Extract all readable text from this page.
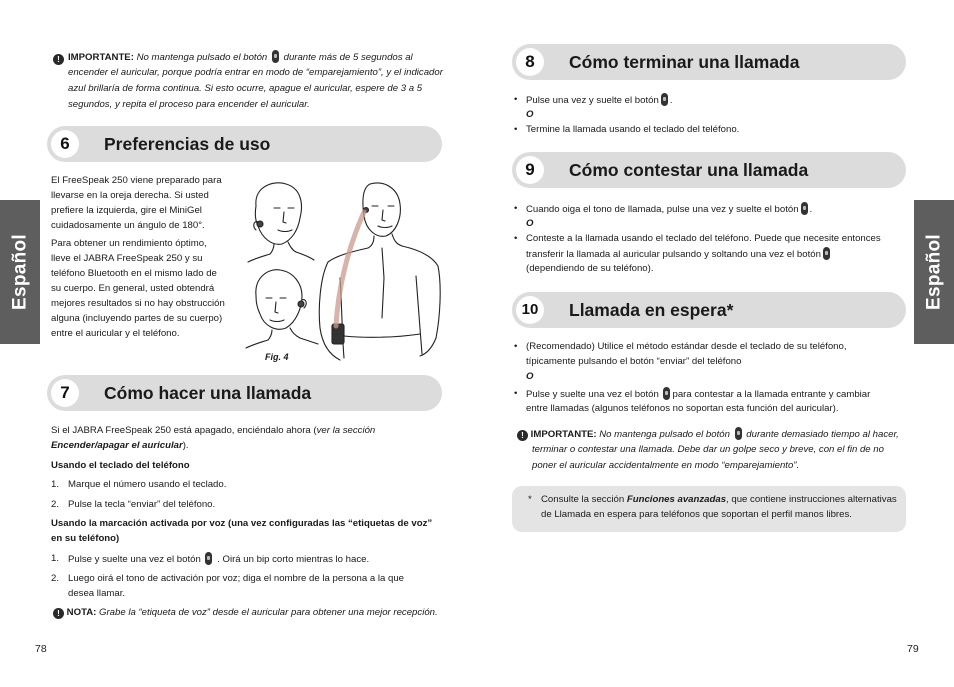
Español	Español
! IMPORTANTE: No mantenga pulsado el botón durante más de 5 segundos al
encender el auricular, porque podría entrar en modo de “emparejamiento”, y el indicador
azul brillaría de forma continua. Si esto ocurre, apague el auricular, espere de 3 a 5
segundos, y repita el proceso para encender el auricular.
6	Preferencias de uso
El FreeSpeak 250 viene preparado para
llevarse en la oreja derecha. Si usted
prefiere la izquierda, gire el MiniGel
cuidadosamente un ángulo de 180°.
Para obtener un rendimiento óptimo,
lleve el JABRA FreeSpeak 250 y su
teléfono Bluetooth en el mismo lado de
su cuerpo. En general, usted obtendrá
mejores resultados si no hay obstrucción
alguna (incluyendo partes de su cuerpo)
entre el auricular y el teléfono.
Fig. 4
7	Cómo hacer una llamada
Si el JABRA FreeSpeak 250 está apagado, enciéndalo ahora (ver la sección
Encender/apagar el auricular).
Usando el teclado del teléfono
1. Marque el número usando el teclado.
2. Pulse la tecla “enviar” del teléfono.
Usando la marcación activada por voz (una vez configuradas las “etiquetas de voz”
en su teléfono)
1. Pulse y suelte una vez el botón . Oirá un bip corto mientras lo hace.
2. Luego oirá el tono de activación por voz; diga el nombre de la persona a la que
desea llamar.
! NOTA: Grabe la “etiqueta de voz” desde el auricular para obtener una mejor recepción.
78
8	Cómo terminar una llamada
• Pulse una vez y suelte el botón .
O
• Termine la llamada usando el teclado del teléfono.
9	Cómo contestar una llamada
• Cuando oiga el tono de llamada, pulse una vez y suelte el botón .
O
• Conteste a la llamada usando el teclado del teléfono. Puede que necesite entonces
transferir la llamada al auricular pulsando y soltando una vez el botón
(dependiendo de su teléfono).
10	Llamada en espera*
• (Recomendado) Utilice el método estándar desde el teclado de su teléfono,
típicamente pulsando el botón “enviar” del teléfono
O
• Pulse y suelte una vez el botón para contestar a la llamada entrante y cambiar
entre llamadas (algunos teléfonos no soportan esta función del auricular).
! IMPORTANTE: No mantenga pulsado el botón durante demasiado tiempo al hacer,
terminar o contestar una llamada. Debe dar un golpe seco y breve, con el fin de no
poner el auricular accidentalmente en modo “emparejamiento”.
* Consulte la sección Funciones avanzadas, que contiene instrucciones alternativas
de Llamada en espera para teléfonos que soportan el perfil manos libres.
79
